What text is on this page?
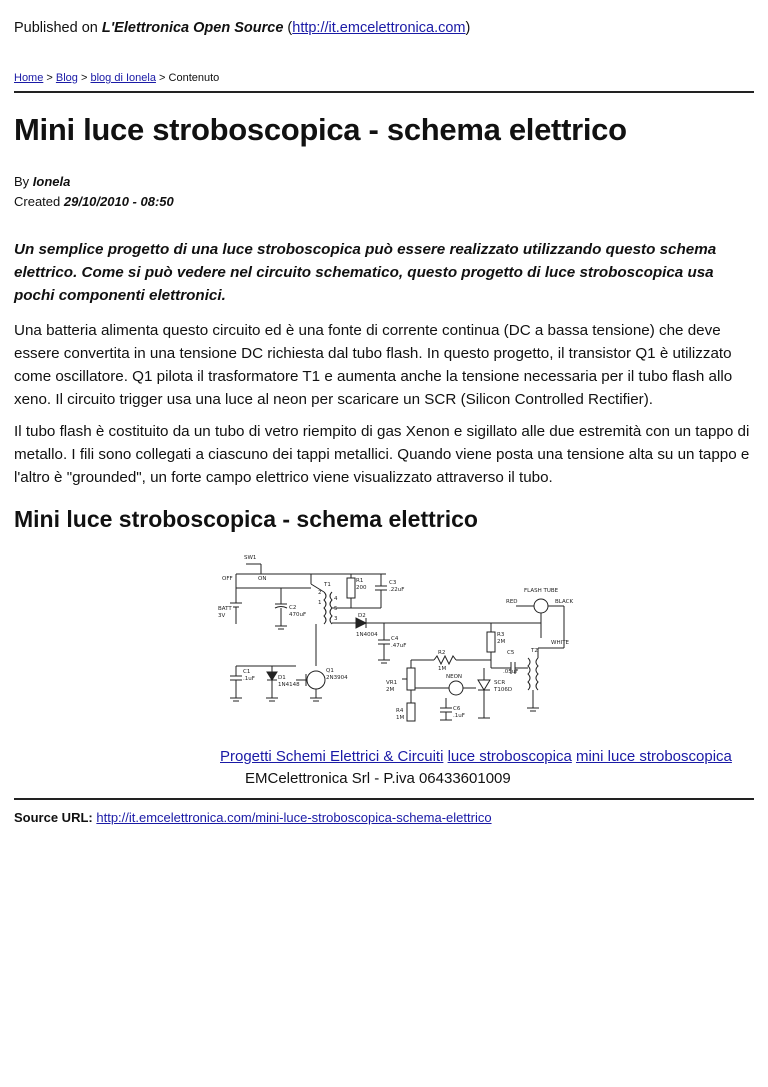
Published on L'Elettronica Open Source (http://it.emcelettronica.com)
Home > Blog > blog di Ionela > Contenuto
Mini luce stroboscopica - schema elettrico
By Ionela
Created 29/10/2010 - 08:50

Un semplice progetto di una luce stroboscopica può essere realizzato utilizzando questo schema elettrico. Come si può vedere nel circuito schematico, questo progetto di luce stroboscopica usa pochi componenti elettronici.

Una batteria alimenta questo circuito ed è una fonte di corrente continua (DC a bassa tensione) che deve essere convertita in una tensione DC richiesta dal tubo flash. In questo progetto, il transistor Q1 è utilizzato come oscillatore. Q1 pilota il trasformatore T1 e aumenta anche la tensione necessaria per il tubo flash allo xeno. Il circuito trigger usa una luce al neon per scaricare un SCR (Silicon Controlled Rectifier).

Il tubo flash è costituito da un tubo di vetro riempito di gas Xenon e sigillato alle due estremità con un tappo di metallo. I fili sono collegati a ciascuno dei tappi metallici. Quando viene posta una tensione alta su un tappo e l'altro è "grounded", un forte campo elettrico viene visualizzato attraverso il tubo.

Mini luce stroboscopica - schema elettrico
SW1
OFF	ON
BATT
3V
C2
470uF
T1
R1
200
C3
.22uF
D2
1N4004
FLASH TUBE
RED	BLACK
WHITE
C4
.47uF
R3
2M
C5
.05uF
T2
C1
.1uF	D1
1N4148
Q1
2N3904
R2
1M
NEON
VR1
2M
SCR
T106D
R4
1M
C6
.1uF
2
1
4
5
3
Progetti Schemi Elettrici & Circuiti luce stroboscopica mini luce stroboscopica
EMCelettronica Srl - P.iva 06433601009
Source URL: http://it.emcelettronica.com/mini-luce-stroboscopica-schema-elettrico
